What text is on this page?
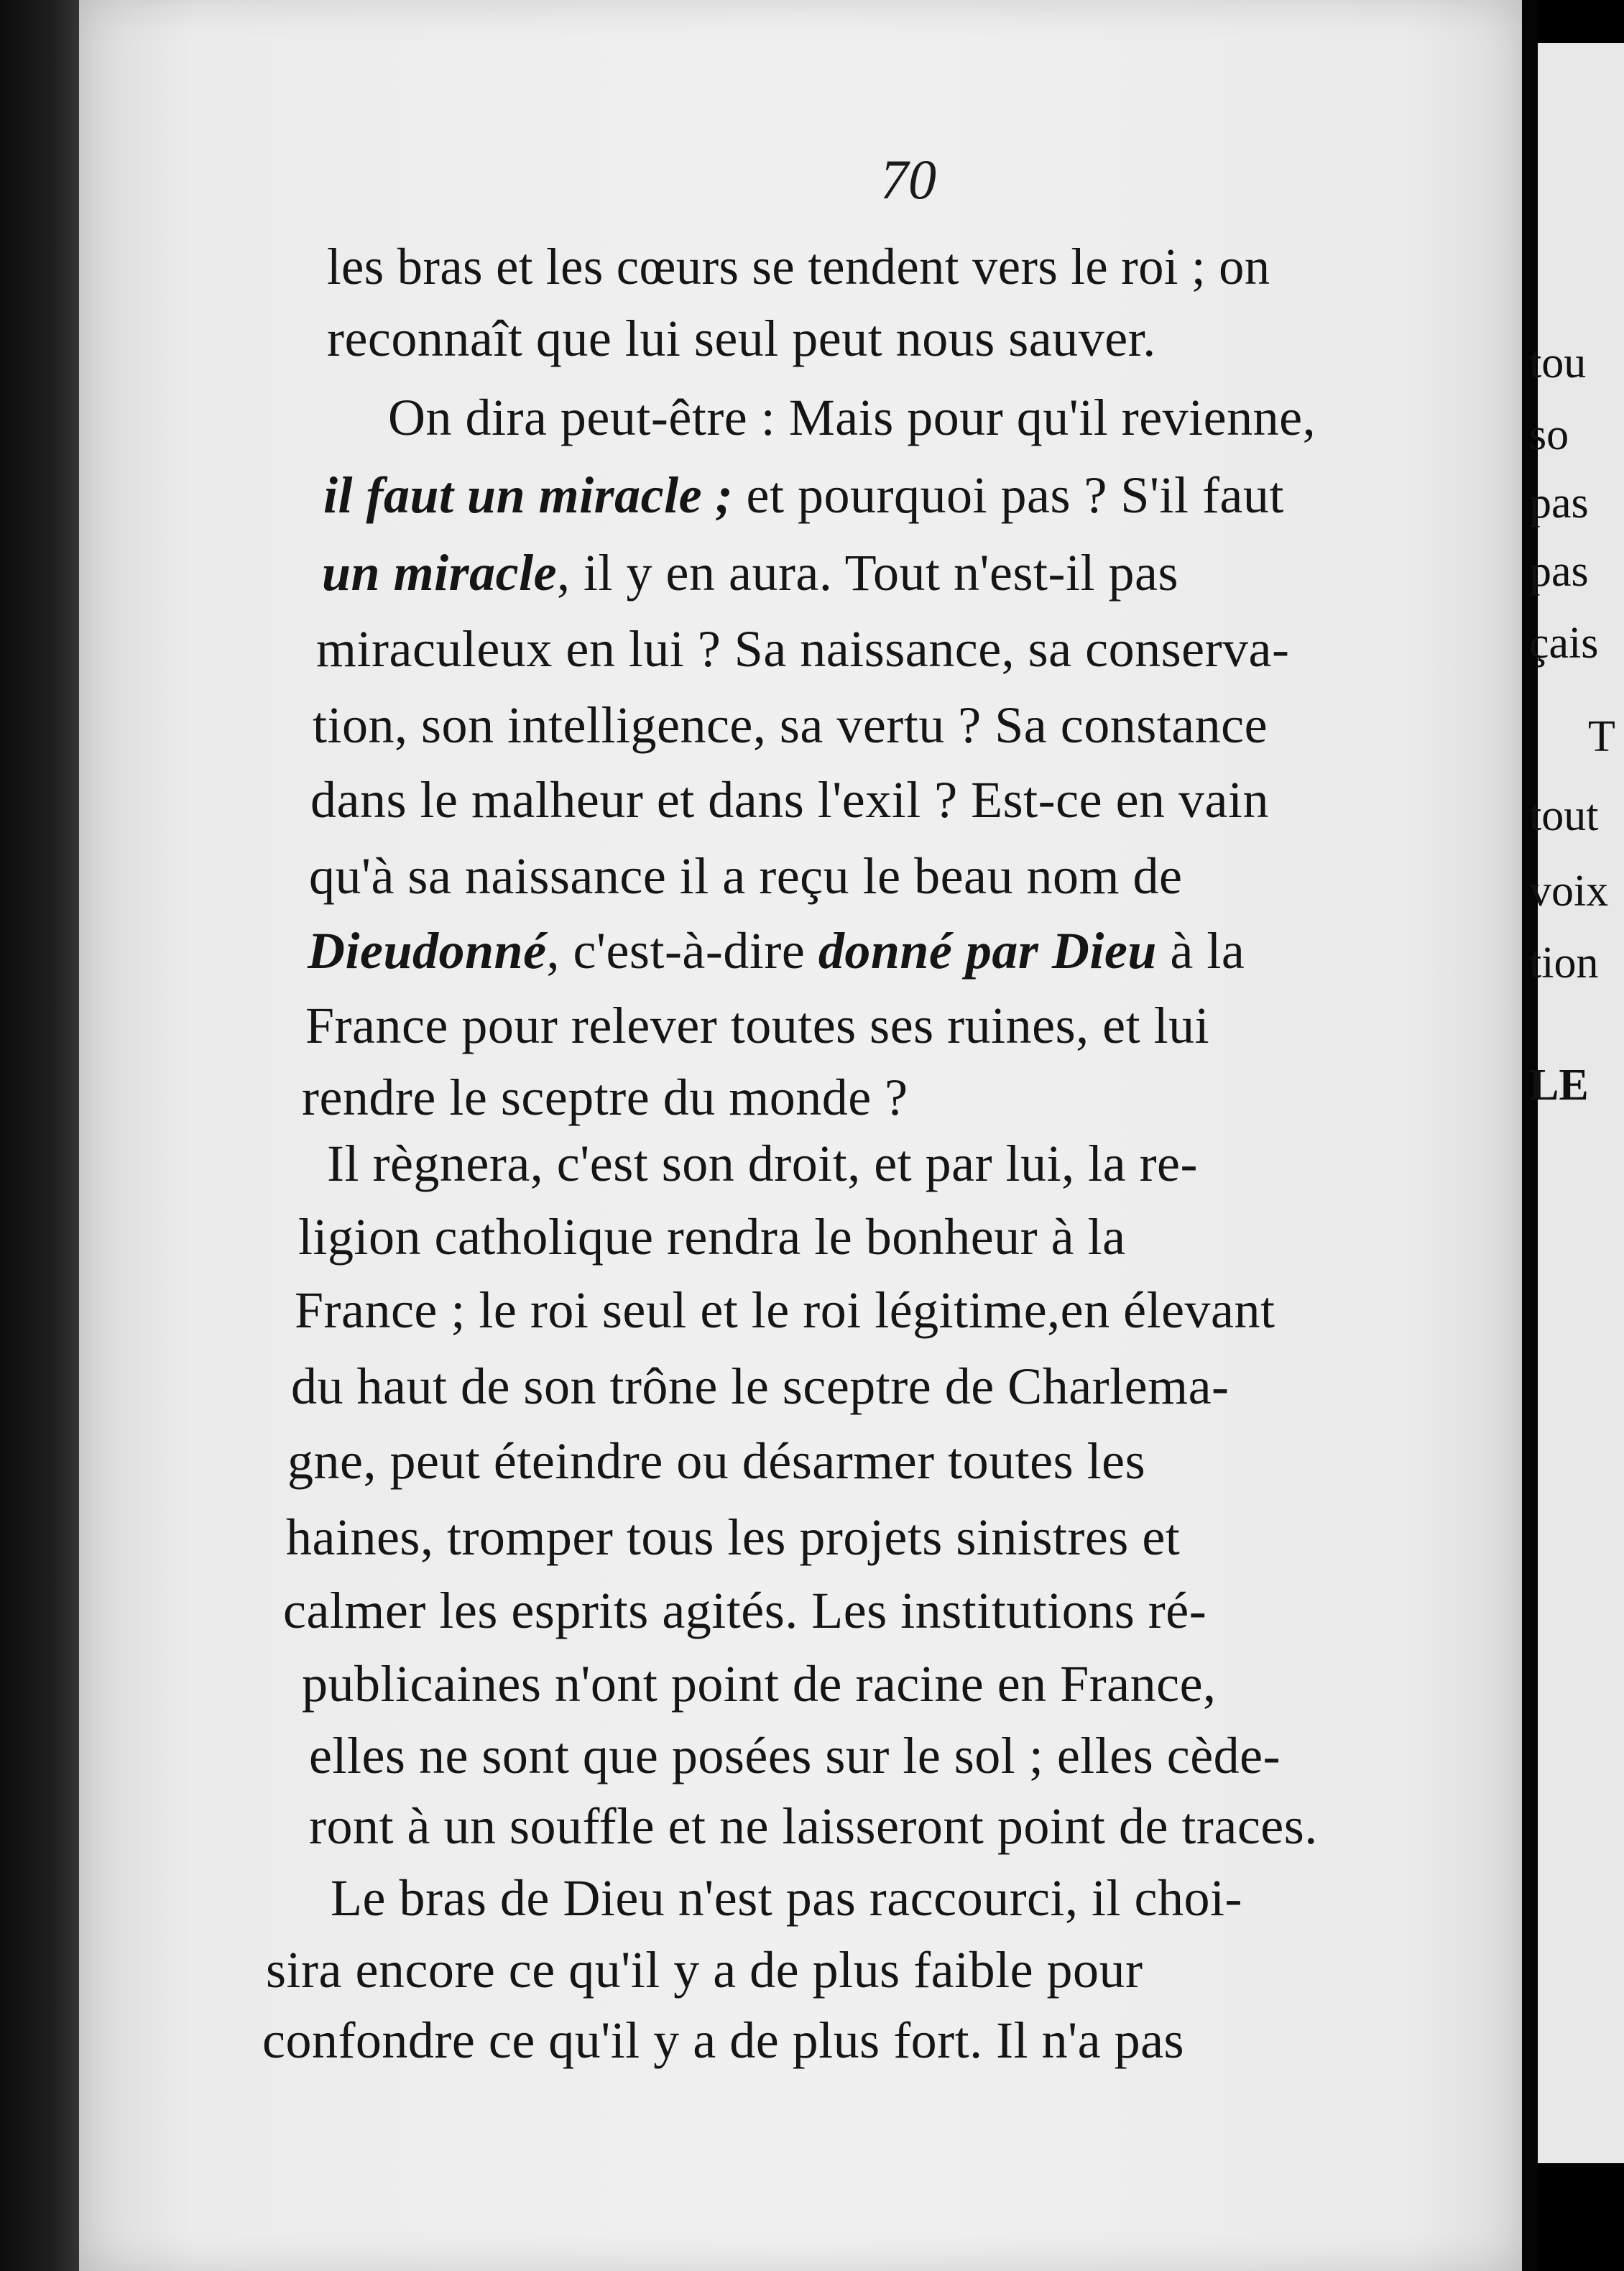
70
les bras et les cœurs se tendent vers le roi ; on
reconnaît que lui seul peut nous sauver.
On dira peut-être : Mais pour qu'il revienne,
il faut un miracle ; et pourquoi pas ? S'il faut
un miracle, il y en aura. Tout n'est-il pas
miraculeux en lui ? Sa naissance, sa conserva-
tion, son intelligence, sa vertu ? Sa constance
dans le malheur et dans l'exil ? Est-ce en vain
qu'à sa naissance il a reçu le beau nom de
Dieudonné, c'est-à-dire donné par Dieu à la
France pour relever toutes ses ruines, et lui
rendre le sceptre du monde ?
Il règnera, c'est son droit, et par lui, la re-
ligion catholique rendra le bonheur à la
France ; le roi seul et le roi légitime,en élevant
du haut de son trône le sceptre de Charlema-
gne, peut éteindre ou désarmer toutes les
haines, tromper tous les projets sinistres et
calmer les esprits agités. Les institutions ré-
publicaines n'ont point de racine en France,
elles ne sont que posées sur le sol ; elles cède-
ront à un souffle et ne laisseront point de traces.
Le bras de Dieu n'est pas raccourci, il choi-
sira encore ce qu'il y a de plus faible pour
confondre ce qu'il y a de plus fort. Il n'a pas
tou
so
pas
pas
çais
T
tout
voix
tion
LE
